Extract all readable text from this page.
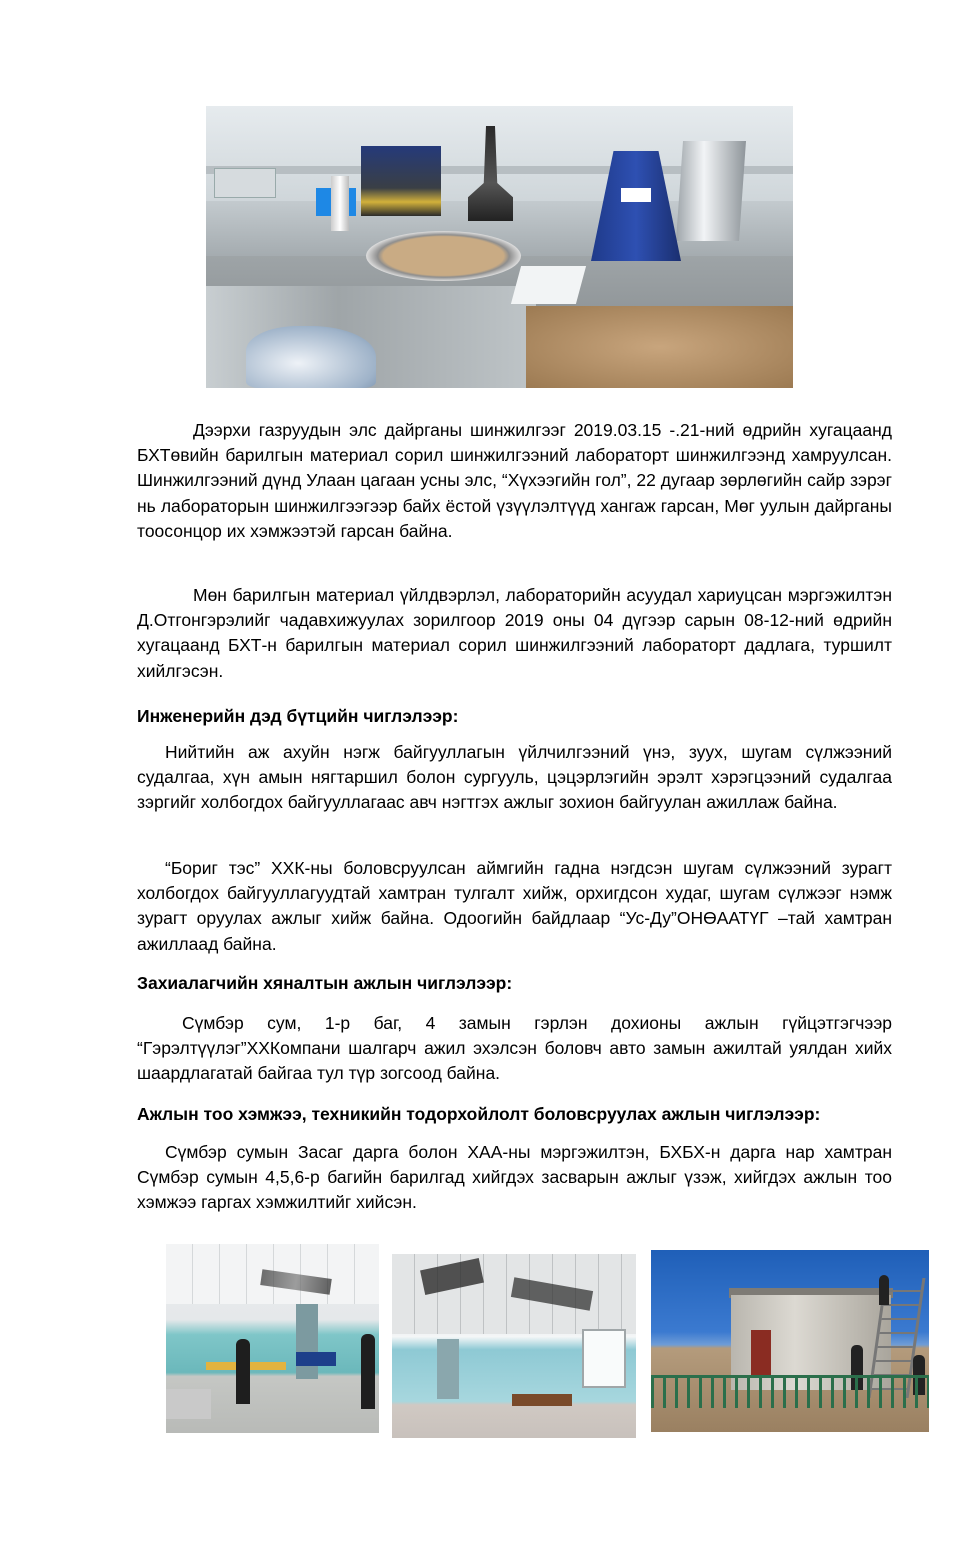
Дээрхи газруудын элс дайрганы шинжилгээг 2019.03.15 -.21-ний өдрийн хугацаанд БХТөвийн барилгын материал сорил шинжилгээний лабораторт шинжилгээнд хамруулсан. Шинжилгээний дүнд Улаан цагаан усны элс, “Хүхээгийн гол”, 22 дугаар зөрлөгийн сайр зэрэг нь лабораторын шинжилгээгээр байх ёстой үзүүлэлтүүд хангаж гарсан, Мөг уулын дайрганы тоосонцор их хэмжээтэй гарсан байна.

Мөн барилгын материал үйлдвэрлэл, лабораторийн асуудал хариуцсан мэргэжилтэн Д.Отгонгэрэлийг чадавхижуулах зорилгоор 2019 оны 04 дүгээр сарын 08-12-ний өдрийн хугацаанд БХТ-н барилгын материал сорил шинжилгээний лабораторт дадлага, туршилт хийлгэсэн.

Инженерийн дэд бүтцийн чиглэлээр:

Нийтийн аж ахуйн нэгж байгууллагын үйлчилгээний үнэ, зуух, шугам сүлжээний судалгаа, хүн амын нягтаршил болон сургууль, цэцэрлэгийн эрэлт хэрэгцээний судалгаа зэргийг холбогдох байгууллагаас авч нэгтгэх ажлыг зохион байгуулан ажиллаж байна.

“Бориг тэс” ХХК-ны боловсруулсан аймгийн гадна нэгдсэн шугам сүлжээний зурагт холбогдох байгууллагуудтай хамтран тулгалт хийж, орхигдсон худаг, шугам сүлжээг нэмж зурагт оруулах ажлыг хийж байна. Одоогийн байдлаар “Ус-Ду”ОНӨААТҮГ –тай хамтран ажиллаад байна.

Захиалагчийн хяналтын ажлын чиглэлээр:

Сүмбэр сум, 1-р баг, 4 замын гэрлэн дохионы ажлын гүйцэтгэгчээр “Гэрэлтүүлэг”ХХКомпани шалгарч ажил эхэлсэн боловч авто замын ажилтай уялдан хийх шаардлагатай байгаа тул түр зогсоод байна.

Ажлын тоо хэмжээ, техникийн тодорхойлолт боловсруулах ажлын чиглэлээр:

Сүмбэр сумын Засаг дарга болон ХАА-ны мэргэжилтэн, БХБХ-н дарга нар хамтран Сүмбэр сумын 4,5,6-р багийн барилгад хийгдэх засварын ажлыг үзэж, хийгдэх ажлын тоо хэмжээ гаргах хэмжилтийг хийсэн.
